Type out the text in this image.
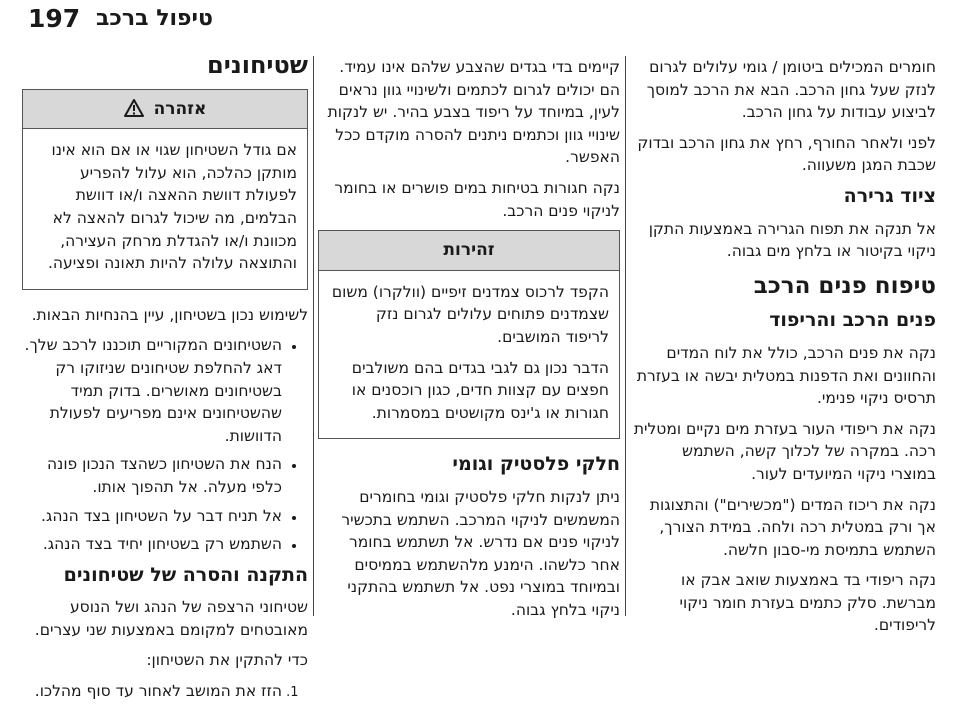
197 טיפול ברכב

חומרים המכילים ביטומן / גומי עלולים לגרום לנזק שעל גחון הרכב. הבא את הרכב למוסך לביצוע עבודות על גחון הרכב.

לפני ולאחר החורף, רחץ את גחון הרכב ובדוק שכבת המגן משעווה.

ציוד גרירה

אל תנקה את תפוח הגרירה באמצעות התקן ניקוי בקיטור או בלחץ מים גבוה.

טיפוח פנים הרכב
פנים הרכב והריפוד

נקה את פנים הרכב, כולל את לוח המדים והחוונים ואת הדפנות במטלית יבשה או בעזרת תרסיס ניקוי פנימי.

נקה את ריפודי העור בעזרת מים נקיים ומטלית רכה. במקרה של לכלוך קשה, השתמש במוצרי ניקוי המיועדים לעור.

נקה את ריכוז המדים ("מכשירים") והתצוגות אך ורק במטלית רכה ולחה. במידת הצורך, השתמש בתמיסת מי-סבון חלשה.

נקה ריפודי בד באמצעות שואב אבק או מברשת. סלק כתמים בעזרת חומר ניקוי לריפודים.

קיימים בדי בגדים שהצבע שלהם אינו עמיד. הם יכולים לגרום לכתמים ולשינויי גוון נראים לעין, במיוחד על ריפוד בצבע בהיר. יש לנקות שינויי גוון וכתמים ניתנים להסרה מוקדם ככל האפשר.

נקה חגורות בטיחות במים פושרים או בחומר לניקוי פנים הרכב.

זהירות

הקפד לרכוס צמדנים זיפיים (וולקרו) משום שצמדנים פתוחים עלולים לגרום נזק לריפוד המושבים.

הדבר נכון גם לגבי בגדים בהם משולבים חפצים עם קצוות חדים, כגון רוכסנים או חגורות או ג'ינס מקושטים במסמרות.

חלקי פלסטיק וגומי

ניתן לנקות חלקי פלסטיק וגומי בחומרים המשמשים לניקוי המרכב. השתמש בתכשיר לניקוי פנים אם נדרש. אל תשתמש בחומר אחר כלשהו. הימנע מלהשתמש בממיסים ובמיוחד במוצרי נפט. אל תשתמש בהתקני ניקוי בלחץ גבוה.

שטיחונים
אזהרה

אם גודל השטיחון שגוי או אם הוא אינו מותקן כהלכה, הוא עלול להפריע לפעולת דוושת ההאצה ו/או דוושת הבלמים, מה שיכול לגרום להאצה לא מכוונת ו/או להגדלת מרחק העצירה, והתוצאה עלולה להיות תאונה ופציעה.

לשימוש נכון בשטיחון, עיין בהנחיות הבאות.

• השטיחונים המקוריים תוכננו לרכב שלך. דאג להחלפת שטיחונים שניזוקו רק בשטיחונים מאושרים. בדוק תמיד שהשטיחונים אינם מפריעים לפעולת הדוושות.
• הנח את השטיחון כשהצד הנכון פונה כלפי מעלה. אל תהפוך אותו.
• אל תניח דבר על השטיחון בצד הנהג.
• השתמש רק בשטיחון יחיד בצד הנהג.
התקנה והסרה של שטיחונים

שטיחוני הרצפה של הנהג ושל הנוסע מאובטחים למקומם באמצעות שני עצרים.

כדי להתקין את השטיחון:

1. הזז את המושב לאחור עד סוף מהלכו.
